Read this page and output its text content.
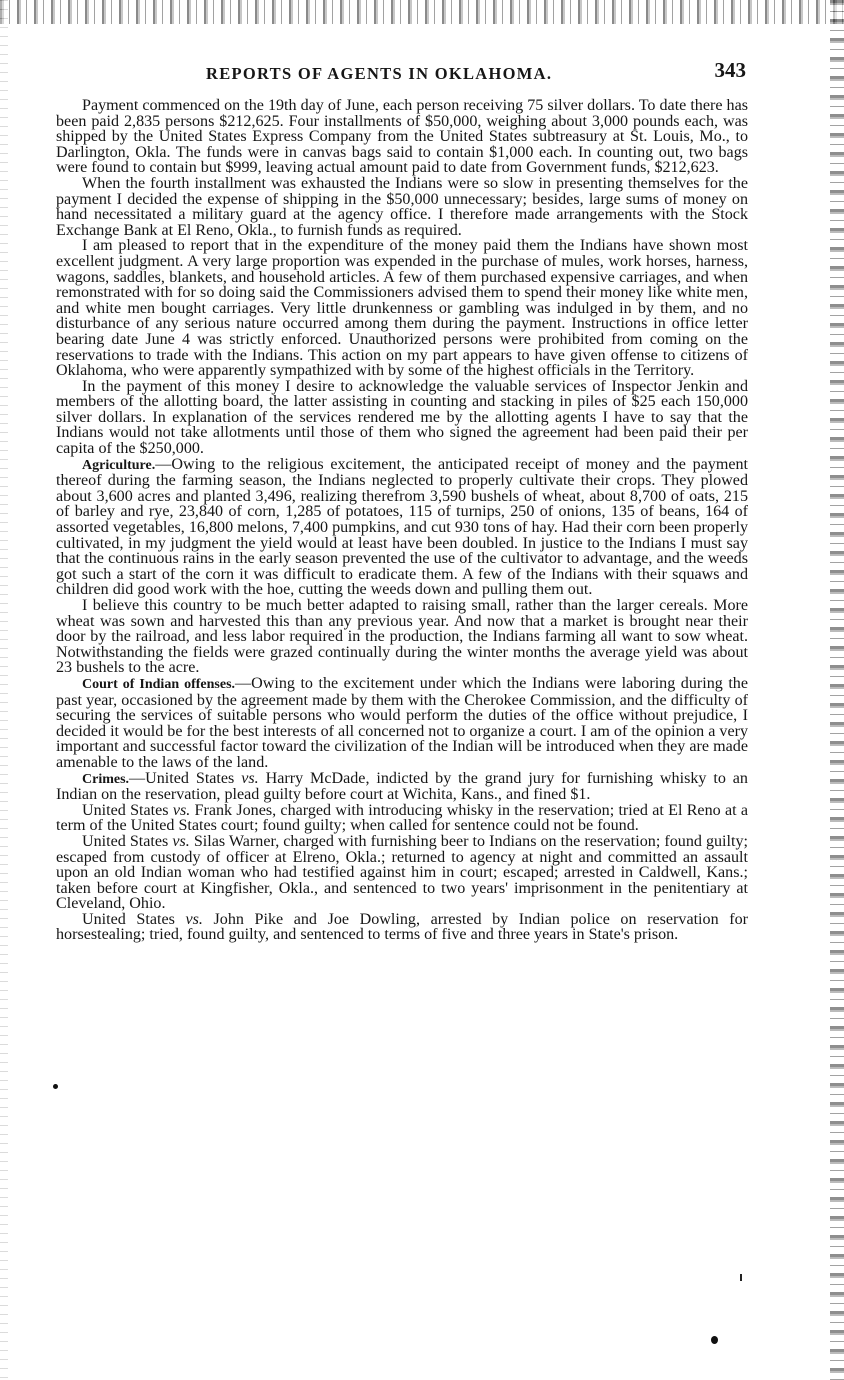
REPORTS OF AGENTS IN OKLAHOMA.	343

Payment commenced on the 19th day of June, each person receiving 75 silver dollars. To date there has been paid 2,835 persons $212,625. Four installments of $50,000, weighing about 3,000 pounds each, was shipped by the United States Express Company from the United States subtreasury at St. Louis, Mo., to Darlington, Okla. The funds were in canvas bags said to contain $1,000 each. In counting out, two bags were found to contain but $999, leaving actual amount paid to date from Government funds, $212,623.

When the fourth installment was exhausted the Indians were so slow in presenting themselves for the payment I decided the expense of shipping in the $50,000 unnecessary; besides, large sums of money on hand necessitated a military guard at the agency office. I therefore made arrangements with the Stock Exchange Bank at El Reno, Okla., to furnish funds as required.

I am pleased to report that in the expenditure of the money paid them the Indians have shown most excellent judgment. A very large proportion was expended in the purchase of mules, work horses, harness, wagons, saddles, blankets, and household articles. A few of them purchased expensive carriages, and when remonstrated with for so doing said the Commissioners advised them to spend their money like white men, and white men bought carriages. Very little drunkenness or gambling was indulged in by them, and no disturbance of any serious nature occurred among them during the payment. Instructions in office letter bearing date June 4 was strictly enforced. Unauthorized persons were prohibited from coming on the reservations to trade with the Indians. This action on my part appears to have given offense to citizens of Oklahoma, who were apparently sympathized with by some of the highest officials in the Territory.

In the payment of this money I desire to acknowledge the valuable services of Inspector Jenkin and members of the allotting board, the latter assisting in counting and stacking in piles of $25 each 150,000 silver dollars. In explanation of the services rendered me by the allotting agents I have to say that the Indians would not take allotments until those of them who signed the agreement had been paid their per capita of the $250,000.

Agriculture.—Owing to the religious excitement, the anticipated receipt of money and the payment thereof during the farming season, the Indians neglected to properly cultivate their crops. They plowed about 3,600 acres and planted 3,496, realizing therefrom 3,590 bushels of wheat, about 8,700 of oats, 215 of barley and rye, 23,840 of corn, 1,285 of potatoes, 115 of turnips, 250 of onions, 135 of beans, 164 of assorted vegetables, 16,800 melons, 7,400 pumpkins, and cut 930 tons of hay. Had their corn been properly cultivated, in my judgment the yield would at least have been doubled. In justice to the Indians I must say that the continuous rains in the early season prevented the use of the cultivator to advantage, and the weeds got such a start of the corn it was difficult to eradicate them. A few of the Indians with their squaws and children did good work with the hoe, cutting the weeds down and pulling them out.

I believe this country to be much better adapted to raising small, rather than the larger cereals. More wheat was sown and harvested this than any previous year. And now that a market is brought near their door by the railroad, and less labor required in the production, the Indians farming all want to sow wheat. Notwithstanding the fields were grazed continually during the winter months the average yield was about 23 bushels to the acre.

Court of Indian offenses.—Owing to the excitement under which the Indians were laboring during the past year, occasioned by the agreement made by them with the Cherokee Commission, and the difficulty of securing the services of suitable persons who would perform the duties of the office without prejudice, I decided it would be for the best interests of all concerned not to organize a court. I am of the opinion a very important and successful factor toward the civilization of the Indian will be introduced when they are made amenable to the laws of the land.

Crimes.—United States vs. Harry McDade, indicted by the grand jury for furnishing whisky to an Indian on the reservation, plead guilty before court at Wichita, Kans., and fined $1.

United States vs. Frank Jones, charged with introducing whisky in the reservation; tried at El Reno at a term of the United States court; found guilty; when called for sentence could not be found.

United States vs. Silas Warner, charged with furnishing beer to Indians on the reservation; found guilty; escaped from custody of officer at Elreno, Okla.; returned to agency at night and committed an assault upon an old Indian woman who had testified against him in court; escaped; arrested in Caldwell, Kans.; taken before court at Kingfisher, Okla., and sentenced to two years' imprisonment in the penitentiary at Cleveland, Ohio.

United States vs. John Pike and Joe Dowling, arrested by Indian police on reservation for horsestealing; tried, found guilty, and sentenced to terms of five and three years in State's prison.
